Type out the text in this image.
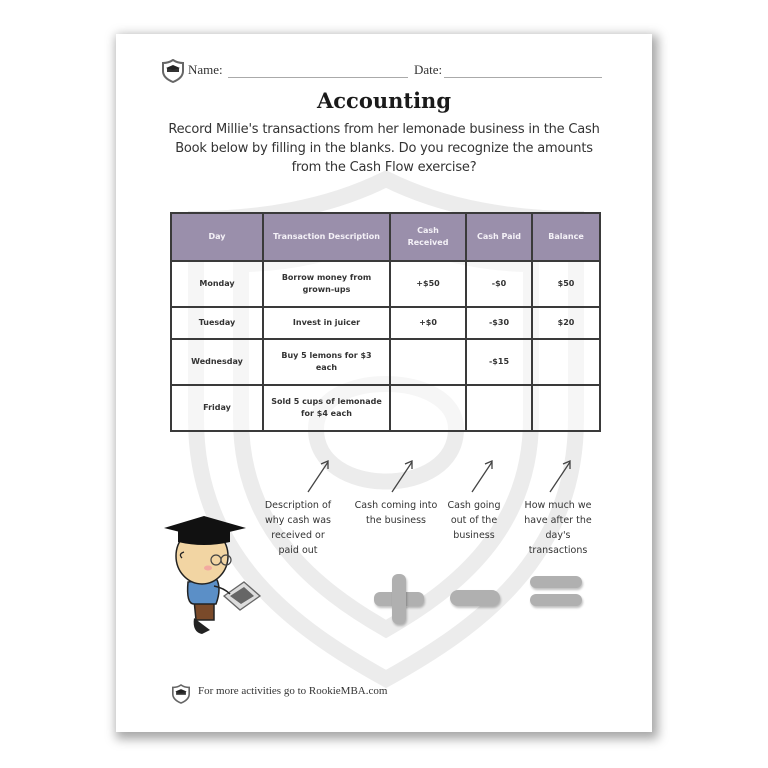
Name:	Date:
Accounting
Record Millie's transactions from her lemonade business in the Cash Book below by filling in the blanks. Do you recognize the amounts from the Cash Flow exercise?
Day	Transaction Description	Cash Received	Cash Paid	Balance
Monday	Borrow money from grown-ups	+$50	-$0	$50
Tuesday	Invest in juicer	+$0	-$30	$20
Wednesday	Buy 5 lemons for $3 each		-$15	
Friday	Sold 5 cups of lemonade for $4 each			
Description of why cash was received or paid out
Cash coming into the business
Cash going out of the business
How much we have after the day's transactions
For more activities go to RookieMBA.com
